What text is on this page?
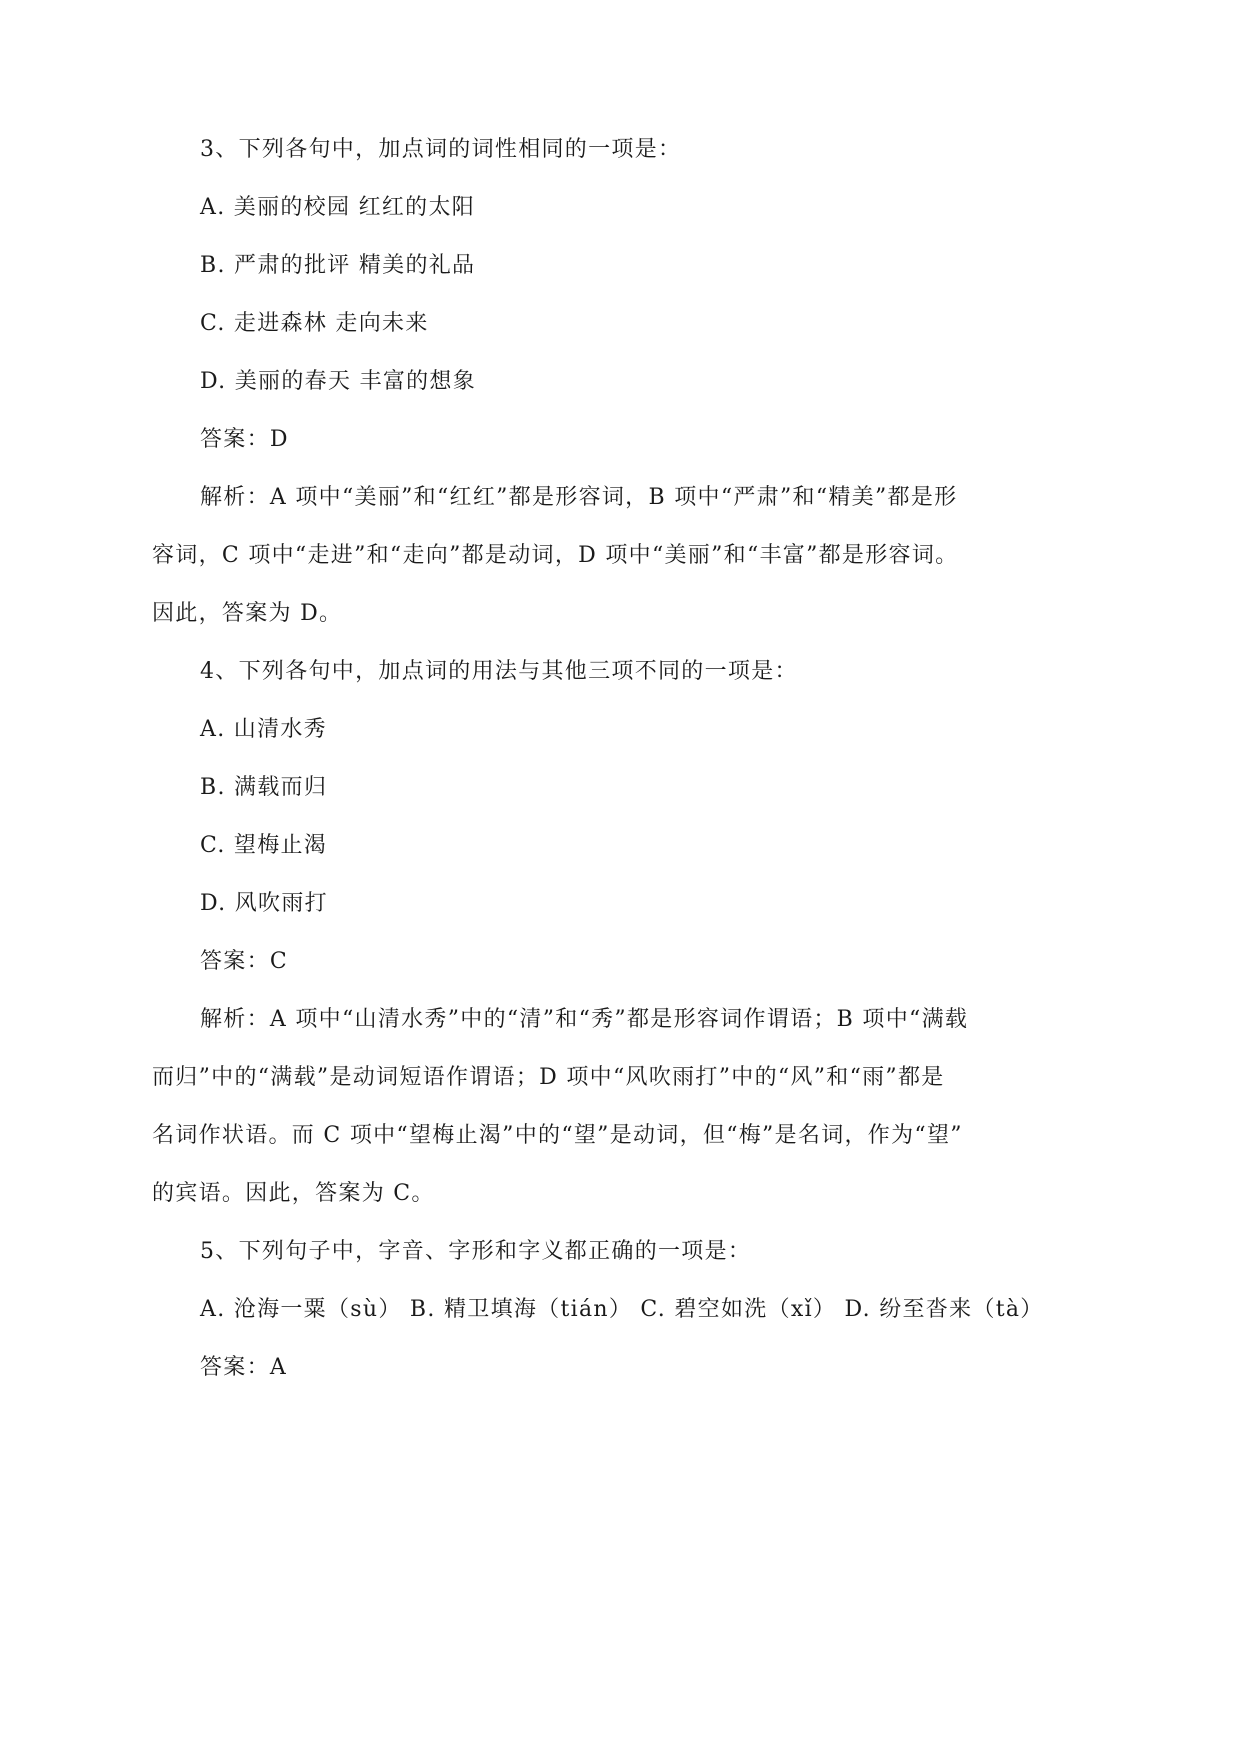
3、下列各句中，加点词的词性相同的一项是：
A. 美丽的校园 红红的太阳
B. 严肃的批评 精美的礼品
C. 走进森林 走向未来
D. 美丽的春天 丰富的想象
答案：D
解析：A 项中“美丽”和“红红”都是形容词，B 项中“严肃”和“精美”都是形
容词，C 项中“走进”和“走向”都是动词，D 项中“美丽”和“丰富”都是形容词。
因此，答案为 D。
4、下列各句中，加点词的用法与其他三项不同的一项是：
A. 山清水秀
B. 满载而归
C. 望梅止渴
D. 风吹雨打
答案：C
解析：A 项中“山清水秀”中的“清”和“秀”都是形容词作谓语；B 项中“满载
而归”中的“满载”是动词短语作谓语；D 项中“风吹雨打”中的“风”和“雨”都是
名词作状语。而 C 项中“望梅止渴”中的“望”是动词，但“梅”是名词，作为“望”
的宾语。因此，答案为 C。
5、下列句子中，字音、字形和字义都正确的一项是：
A. 沧海一粟（sù） B. 精卫填海（tián） C. 碧空如洗（xǐ） D. 纷至沓来（tà）
答案：A
